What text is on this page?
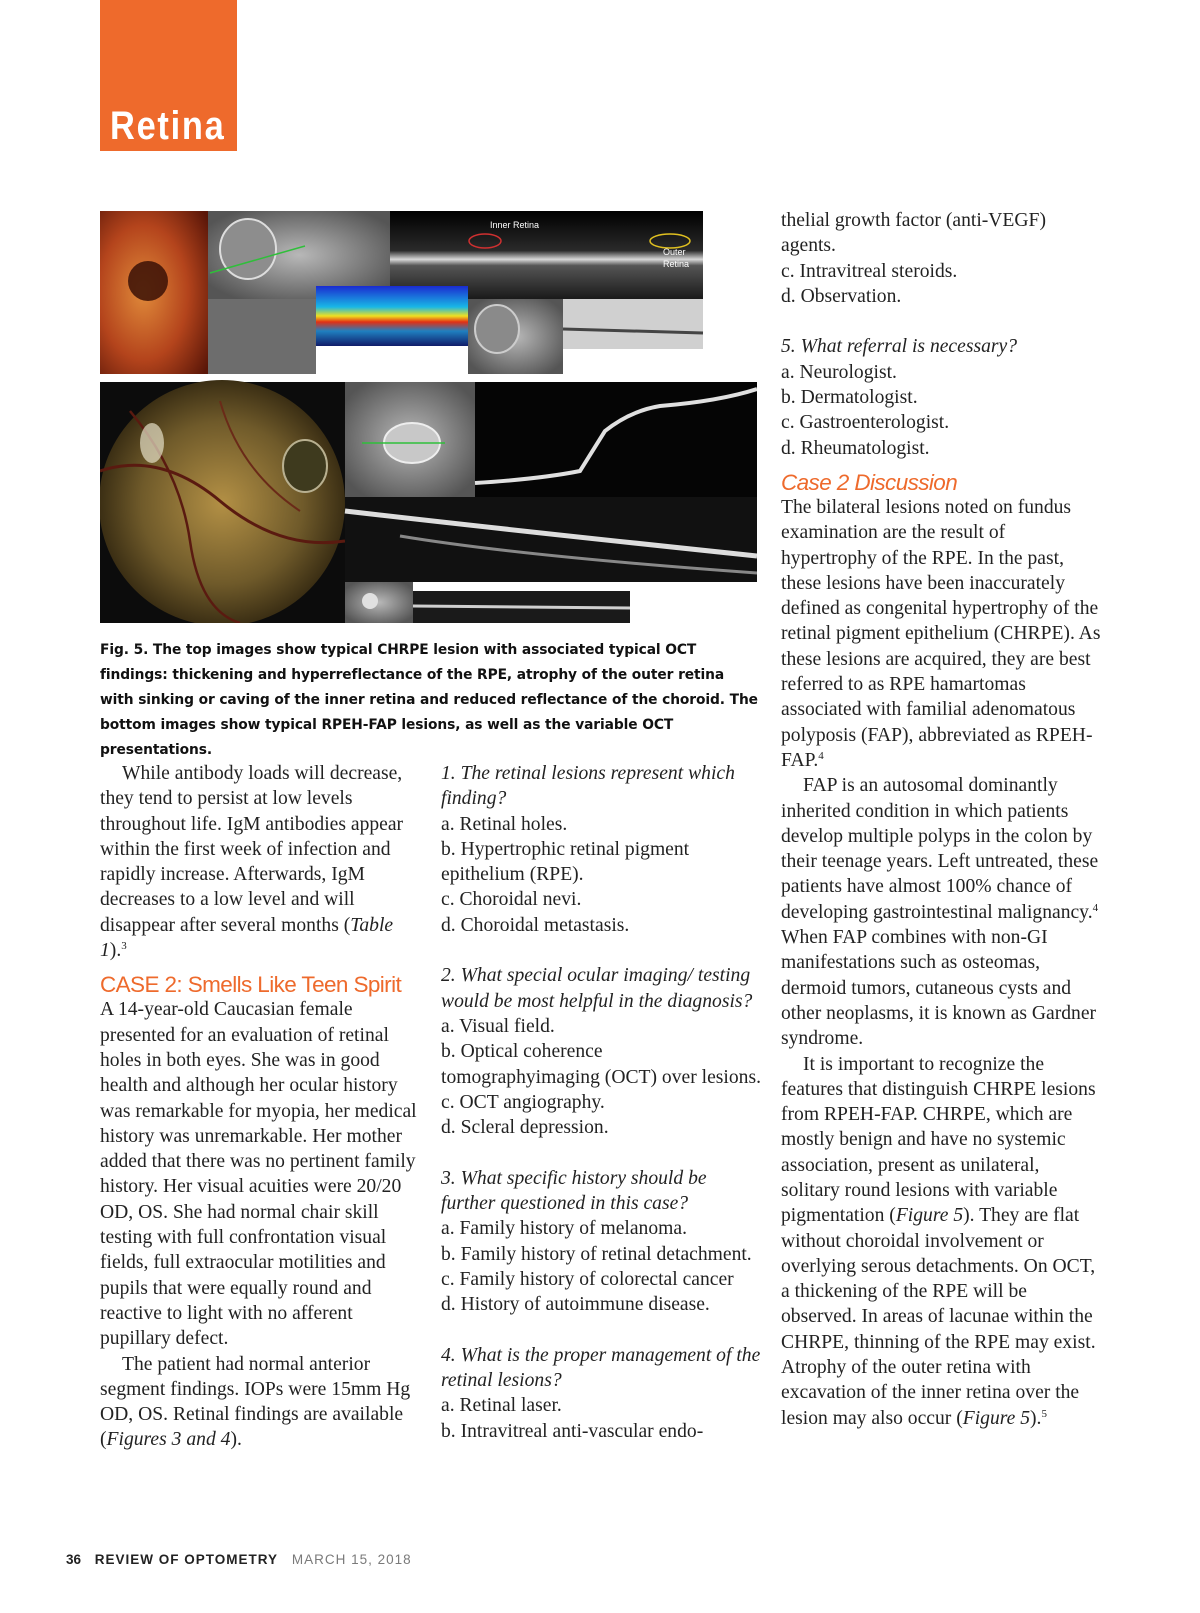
Retina
Inner Retina
Outer
Retina
Fig. 5. The top images show typical CHRPE lesion with associated typical OCT findings: thickening and hyperreflectance of the RPE, atrophy of the outer retina with sinking or caving of the inner retina and reduced reflectance of the choroid. The bottom images show typical RPEH-FAP lesions, as well as the variable OCT presentations.

While antibody loads will decrease, they tend to persist at low levels throughout life. IgM antibodies appear within the first week of infection and rapidly increase. Afterwards, IgM decreases to a low level and will disappear after several months (Table 1).$^3$

CASE 2: Smells Like Teen Spirit

A 14-year-old Caucasian female presented for an evaluation of retinal holes in both eyes. She was in good health and although her ocular history was remarkable for myopia, her medical history was unremarkable. Her mother added that there was no pertinent family history. Her visual acuities were 20/20 OD, OS. She had normal chair skill testing with full confrontation visual fields, full extraocular motilities and pupils that were equally round and reactive to light with no afferent pupillary defect.

The patient had normal anterior segment findings. IOPs were 15mm Hg OD, OS. Retinal findings are available (Figures 3 and 4).

1. The retinal lesions represent which finding?

a. Retinal holes.

b. Hypertrophic retinal pigment epithelium (RPE).

c. Choroidal nevi.

d. Choroidal metastasis.

2. What special ocular imaging/ testing would be most helpful in the diagnosis?

a. Visual field.

b. Optical coherence tomographyimaging (OCT) over lesions.

c. OCT angiography.

d. Scleral depression.

3. What specific history should be further questioned in this case?

a. Family history of melanoma.

b. Family history of retinal detachment.

c. Family history of colorectal cancer

d. History of autoimmune disease.

4. What is the proper management of the retinal lesions?

a. Retinal laser.

b. Intravitreal anti-vascular endo-

thelial growth factor (anti-VEGF) agents.

c. Intravitreal steroids.

d. Observation.

5. What referral is necessary?

a. Neurologist.

b. Dermatologist.

c. Gastroenterologist.

d. Rheumatologist.

Case 2 Discussion

The bilateral lesions noted on fundus examination are the result of hypertrophy of the RPE. In the past, these lesions have been inaccurately defined as congenital hypertrophy of the retinal pigment epithelium (CHRPE). As these lesions are acquired, they are best referred to as RPE hamartomas associated with familial adenomatous polyposis (FAP), abbreviated as RPEH-FAP.$^4$

FAP is an autosomal dominantly inherited condition in which patients develop multiple polyps in the colon by their teenage years. Left untreated, these patients have almost 100% chance of developing gastrointestinal malignancy.$^4$ When FAP combines with non-GI manifestations such as osteomas, dermoid tumors, cutaneous cysts and other neoplasms, it is known as Gardner syndrome.

It is important to recognize the features that distinguish CHRPE lesions from RPEH-FAP. CHRPE, which are mostly benign and have no systemic association, present as unilateral, solitary round lesions with variable pigmentation (Figure 5). They are flat without choroidal involvement or overlying serous detachments. On OCT, a thickening of the RPE will be observed. In areas of lacunae within the CHRPE, thinning of the RPE may exist. Atrophy of the outer retina with excavation of the inner retina over the lesion may also occur (Figure 5).$^5$

36 REVIEW OF OPTOMETRY MARCH 15, 2018
